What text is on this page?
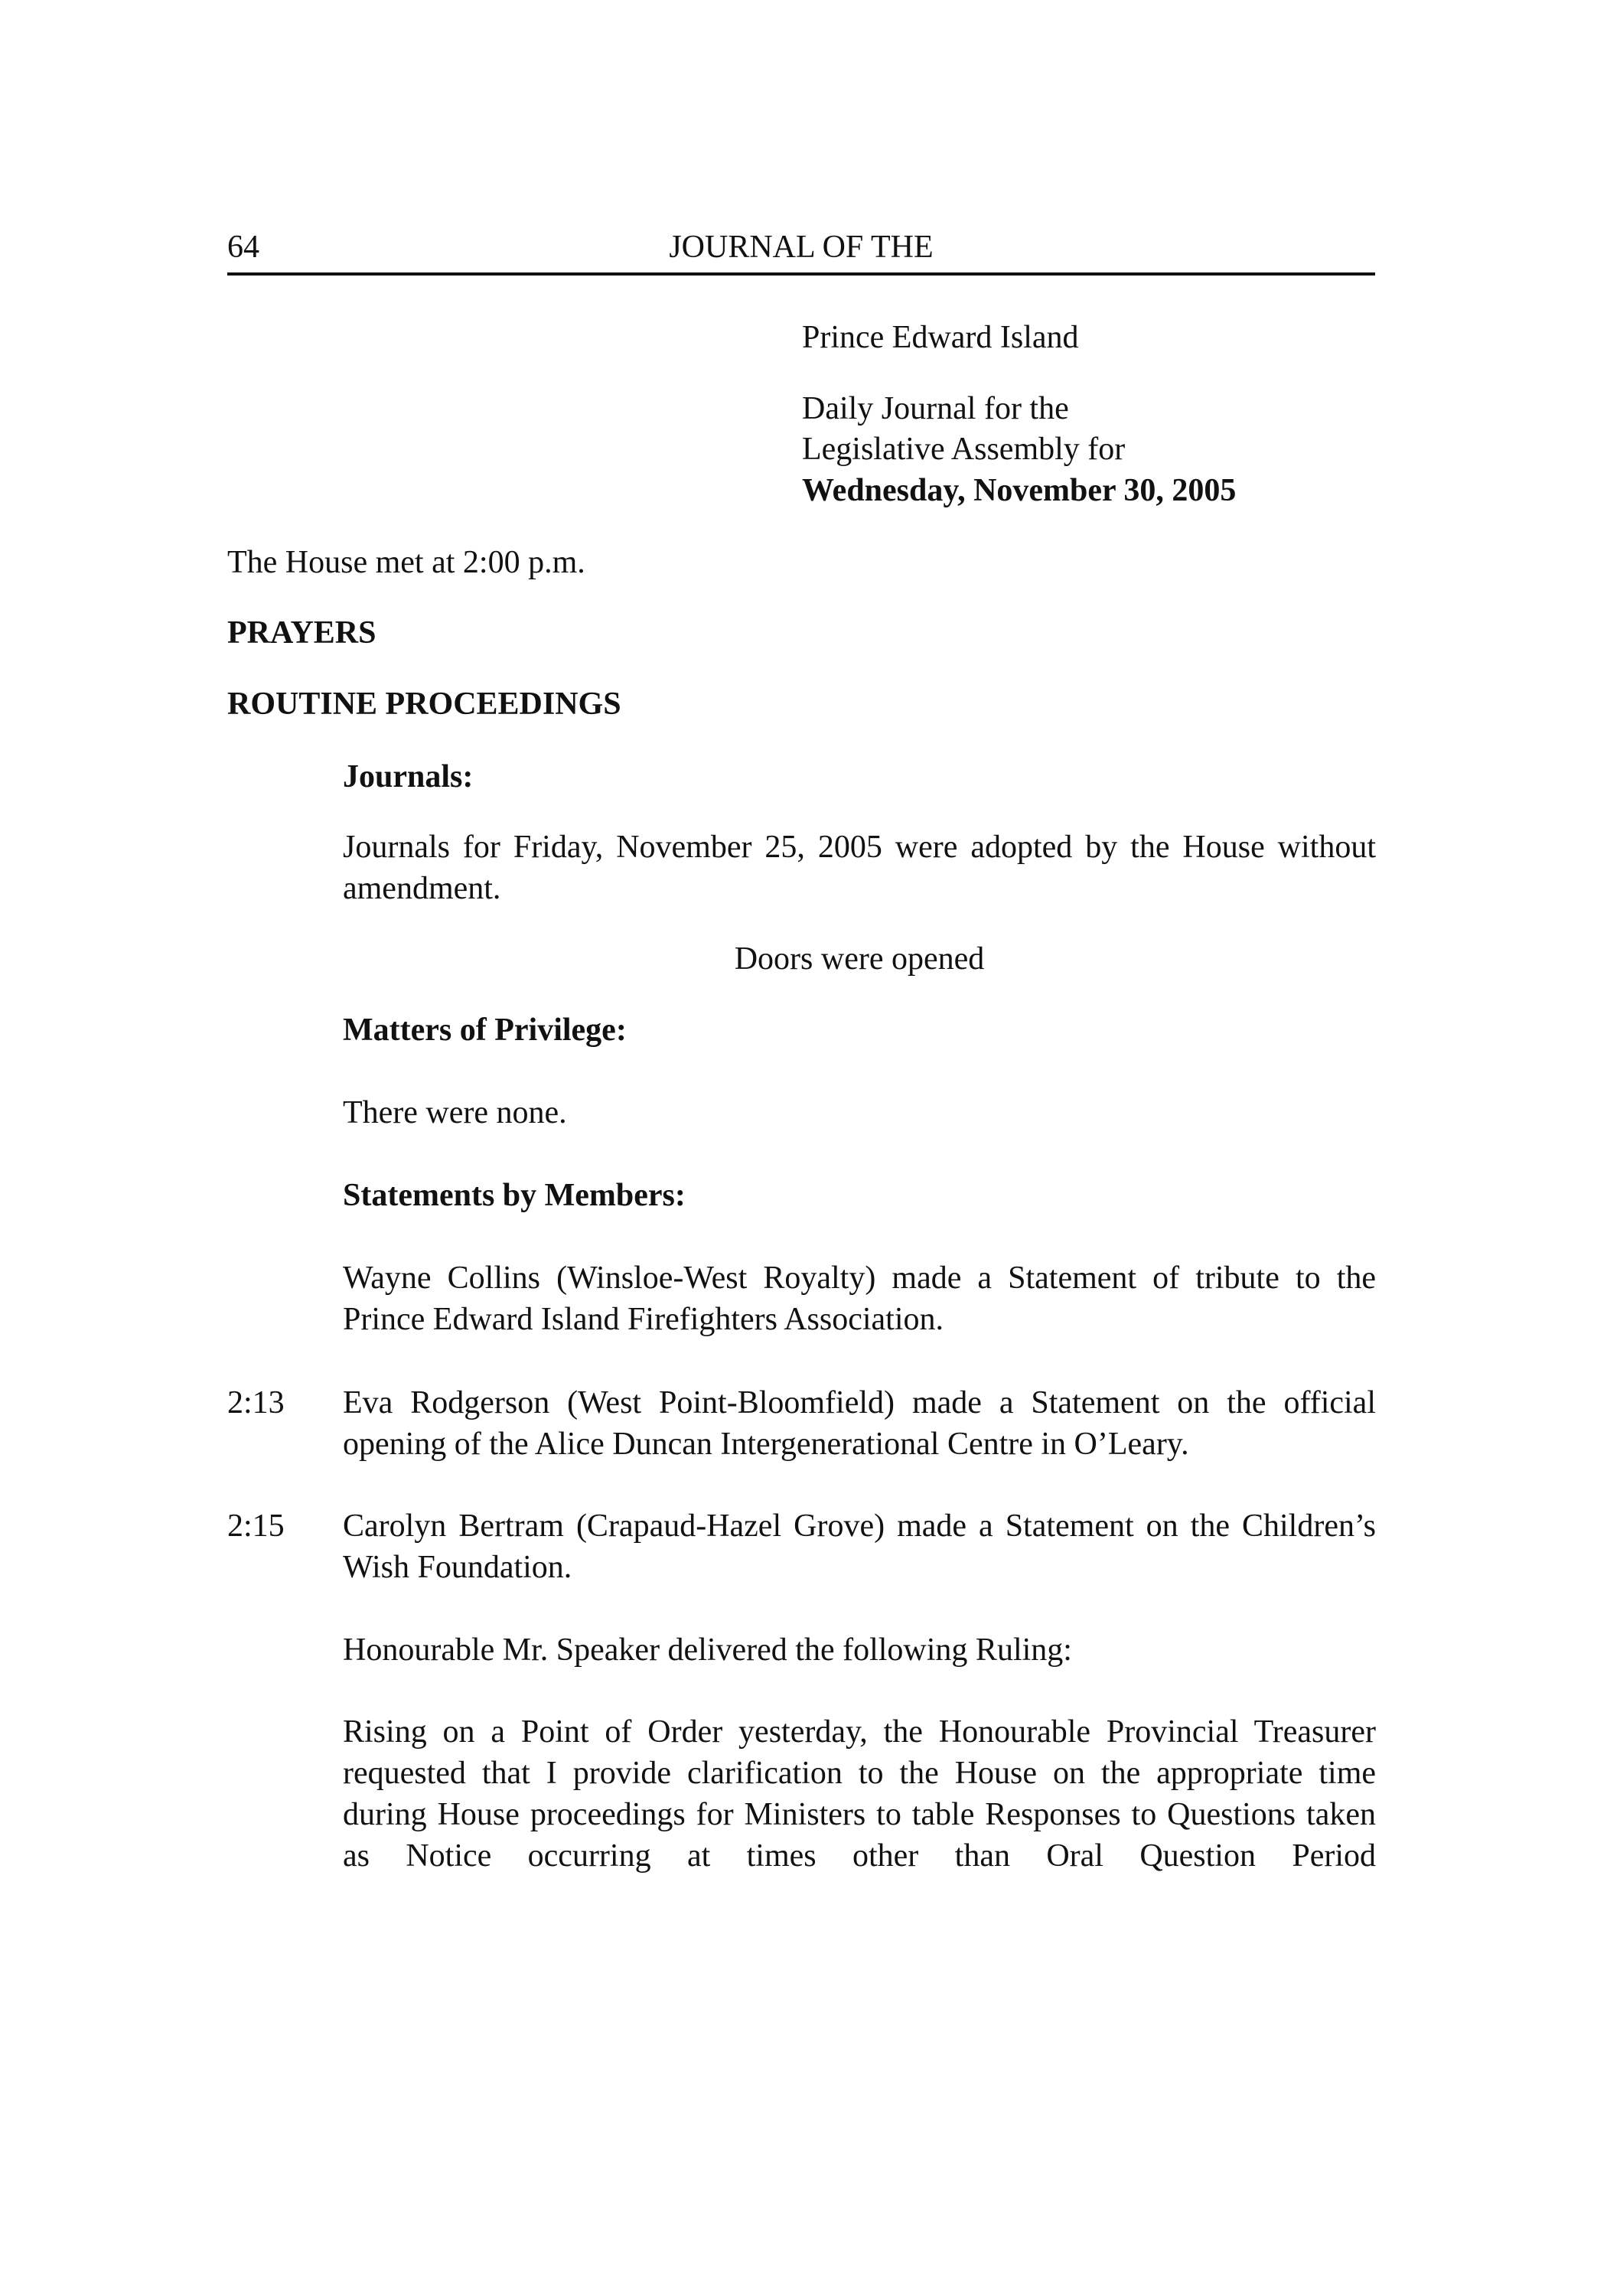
64	JOURNAL OF THE
Prince Edward Island
Daily Journal for the
Legislative Assembly for
Wednesday, November 30, 2005
The House met at 2:00 p.m.
PRAYERS
ROUTINE PROCEEDINGS
Journals:
Journals for Friday, November 25, 2005 were adopted by the House without amendment.
Doors were opened
Matters of Privilege:
There were none.
Statements by Members:
Wayne Collins (Winsloe-West Royalty) made a Statement of tribute to the Prince Edward Island Firefighters Association.
2:13 Eva Rodgerson (West Point-Bloomfield) made a Statement on the official opening of the Alice Duncan Intergenerational Centre in O’Leary.
2:15 Carolyn Bertram (Crapaud-Hazel Grove) made a Statement on the Children’s Wish Foundation.
Honourable Mr. Speaker delivered the following Ruling:
Rising on a Point of Order yesterday, the Honourable Provincial Treasurer requested that I provide clarification to the House on the appropriate time during House proceedings for Ministers to table Responses to Questions taken as Notice occurring at times other than Oral Question Period
